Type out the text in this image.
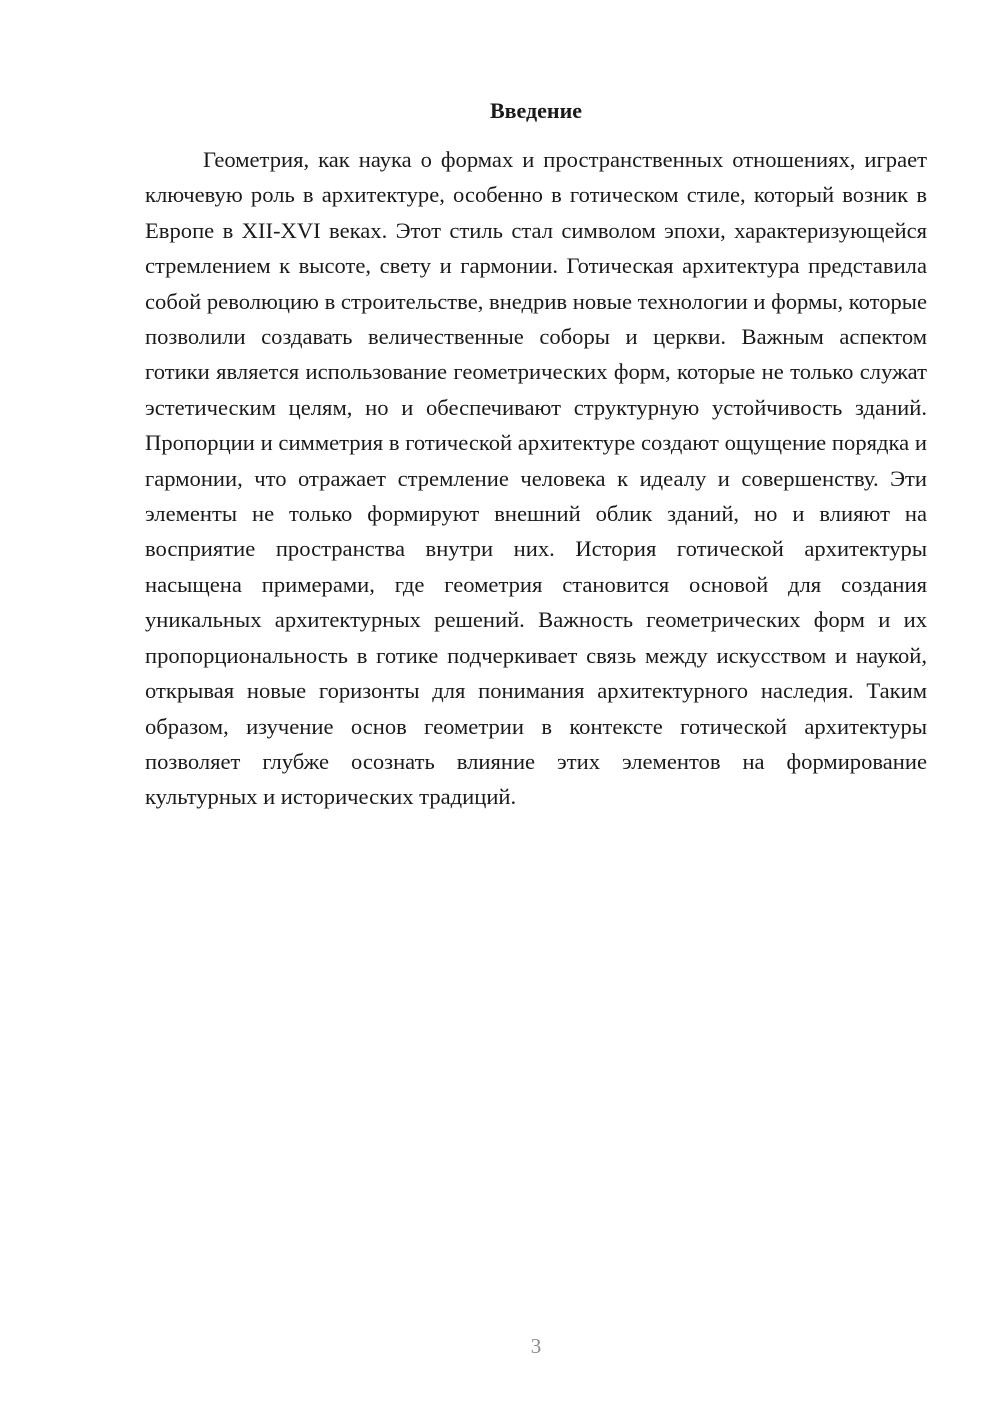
Введение

Геометрия, как наука о формах и пространственных отношениях, играет ключевую роль в архитектуре, особенно в готическом стиле, который возник в Европе в XII-XVI веках. Этот стиль стал символом эпохи, характеризующейся стремлением к высоте, свету и гармонии. Готическая архитектура представила собой революцию в строительстве, внедрив новые технологии и формы, которые позволили создавать величественные соборы и церкви. Важным аспектом готики является использование геометрических форм, которые не только служат эстетическим целям, но и обеспечивают структурную устойчивость зданий. Пропорции и симметрия в готической архитектуре создают ощущение порядка и гармонии, что отражает стремление человека к идеалу и совершенству. Эти элементы не только формируют внешний облик зданий, но и влияют на восприятие пространства внутри них. История готической архитектуры насыщена примерами, где геометрия становится основой для создания уникальных архитектурных решений. Важность геометрических форм и их пропорциональность в готике подчеркивает связь между искусством и наукой, открывая новые горизонты для понимания архитектурного наследия. Таким образом, изучение основ геометрии в контексте готической архитектуры позволяет глубже осознать влияние этих элементов на формирование культурных и исторических традиций.

3
